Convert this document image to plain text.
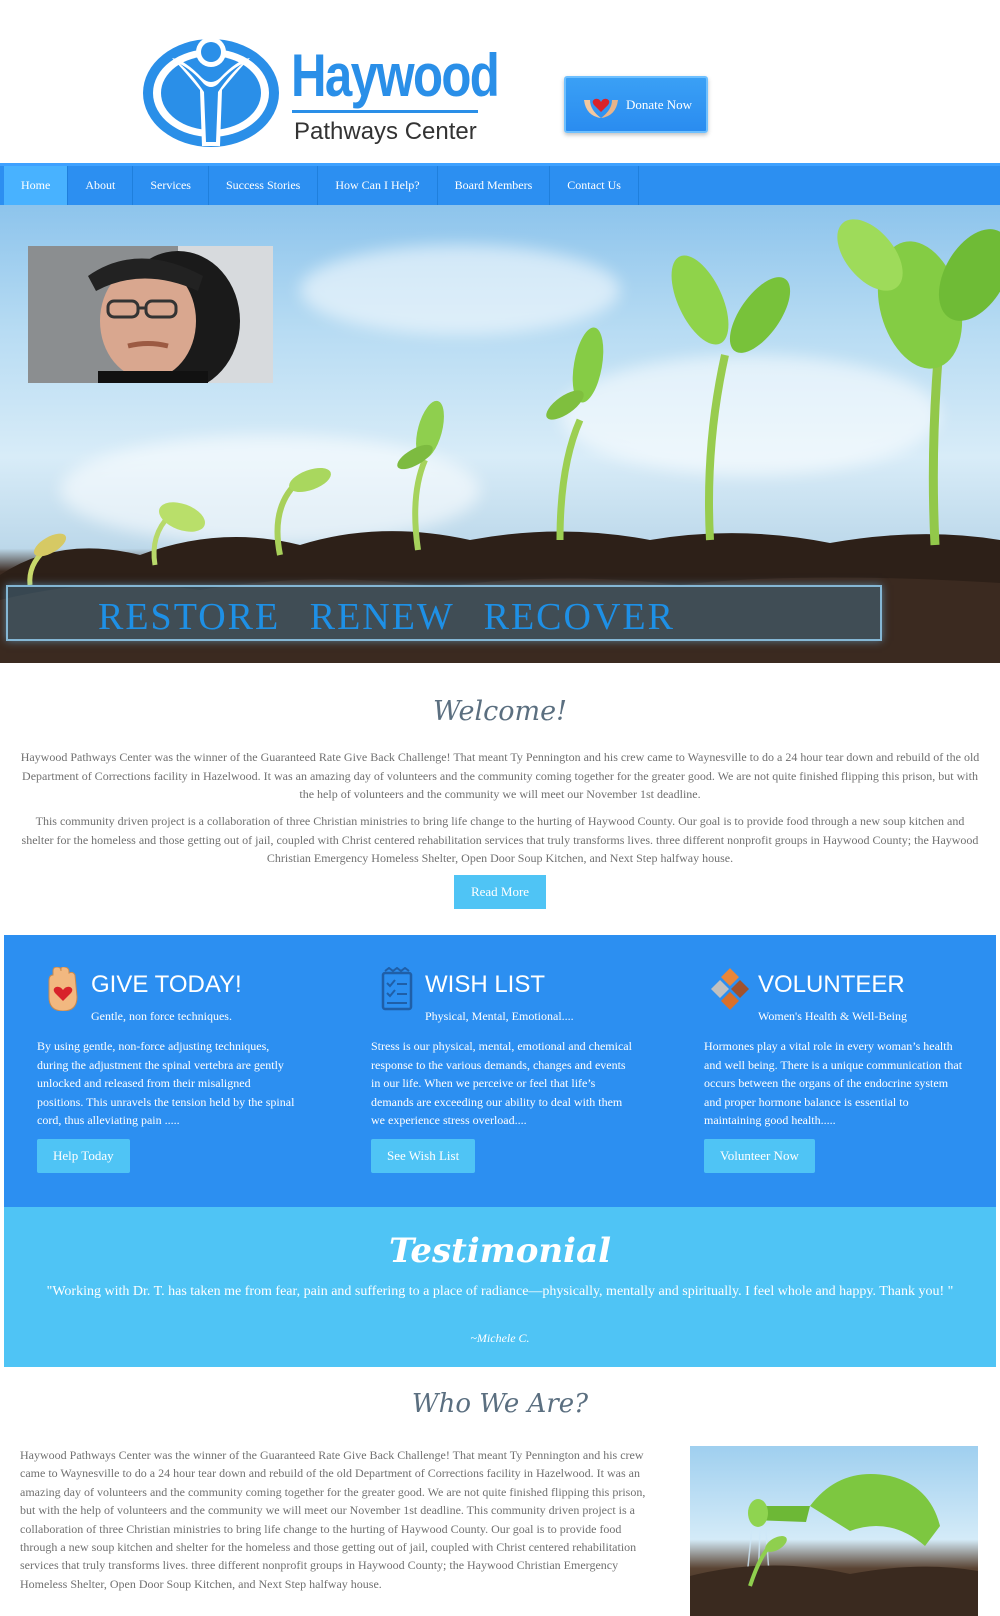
Haywood
Pathways Center
Donate Now
Home	About	Services	Success Stories	How Can I Help?	Board Members	Contact Us
RESTORE RENEW RECOVER
Welcome!
Haywood Pathways Center was the winner of the Guaranteed Rate Give Back Challenge! That meant Ty Pennington and his crew came to Waynesville to do a 24 hour tear down and rebuild of the old Department of Corrections facility in Hazelwood. It was an amazing day of volunteers and the community coming together for the greater good. We are not quite finished flipping this prison, but with the help of volunteers and the community we will meet our November 1st deadline.
This community driven project is a collaboration of three Christian ministries to bring life change to the hurting of Haywood County. Our goal is to provide food through a new soup kitchen and shelter for the homeless and those getting out of jail, coupled with Christ centered rehabilitation services that truly transforms lives. three different nonprofit groups in Haywood County; the Haywood Christian Emergency Homeless Shelter, Open Door Soup Kitchen, and Next Step halfway house.
Read More
GIVE TODAY!
Gentle, non force techniques.
By using gentle, non-force adjusting techniques, during the adjustment the spinal vertebra are gently unlocked and released from their misaligned positions. This unravels the tension held by the spinal cord, thus alleviating pain .....
Help Today
WISH LIST
Physical, Mental, Emotional....
Stress is our physical, mental, emotional and chemical response to the various demands, changes and events in our life. When we perceive or feel that life’s demands are exceeding our ability to deal with them we experience stress overload....
See Wish List
VOLUNTEER
Women's Health & Well-Being
Hormones play a vital role in every woman’s health and well being. There is a unique communication that occurs between the organs of the endocrine system and proper hormone balance is essential to maintaining good health.....
Volunteer Now
Testimonial
"Working with Dr. T. has taken me from fear, pain and suffering to a place of radiance—physically, mentally and spiritually. I feel whole and happy. Thank you! "
~Michele C.
Who We Are?
Haywood Pathways Center was the winner of the Guaranteed Rate Give Back Challenge! That meant Ty Pennington and his crew came to Waynesville to do a 24 hour tear down and rebuild of the old Department of Corrections facility in Hazelwood. It was an amazing day of volunteers and the community coming together for the greater good. We are not quite finished flipping this prison, but with the help of volunteers and the community we will meet our November 1st deadline. This community driven project is a collaboration of three Christian ministries to bring life change to the hurting of Haywood County. Our goal is to provide food through a new soup kitchen and shelter for the homeless and those getting out of jail, coupled with Christ centered rehabilitation services that truly transforms lives. three different nonprofit groups in Haywood County; the Haywood Christian Emergency Homeless Shelter, Open Door Soup Kitchen, and Next Step halfway house.
